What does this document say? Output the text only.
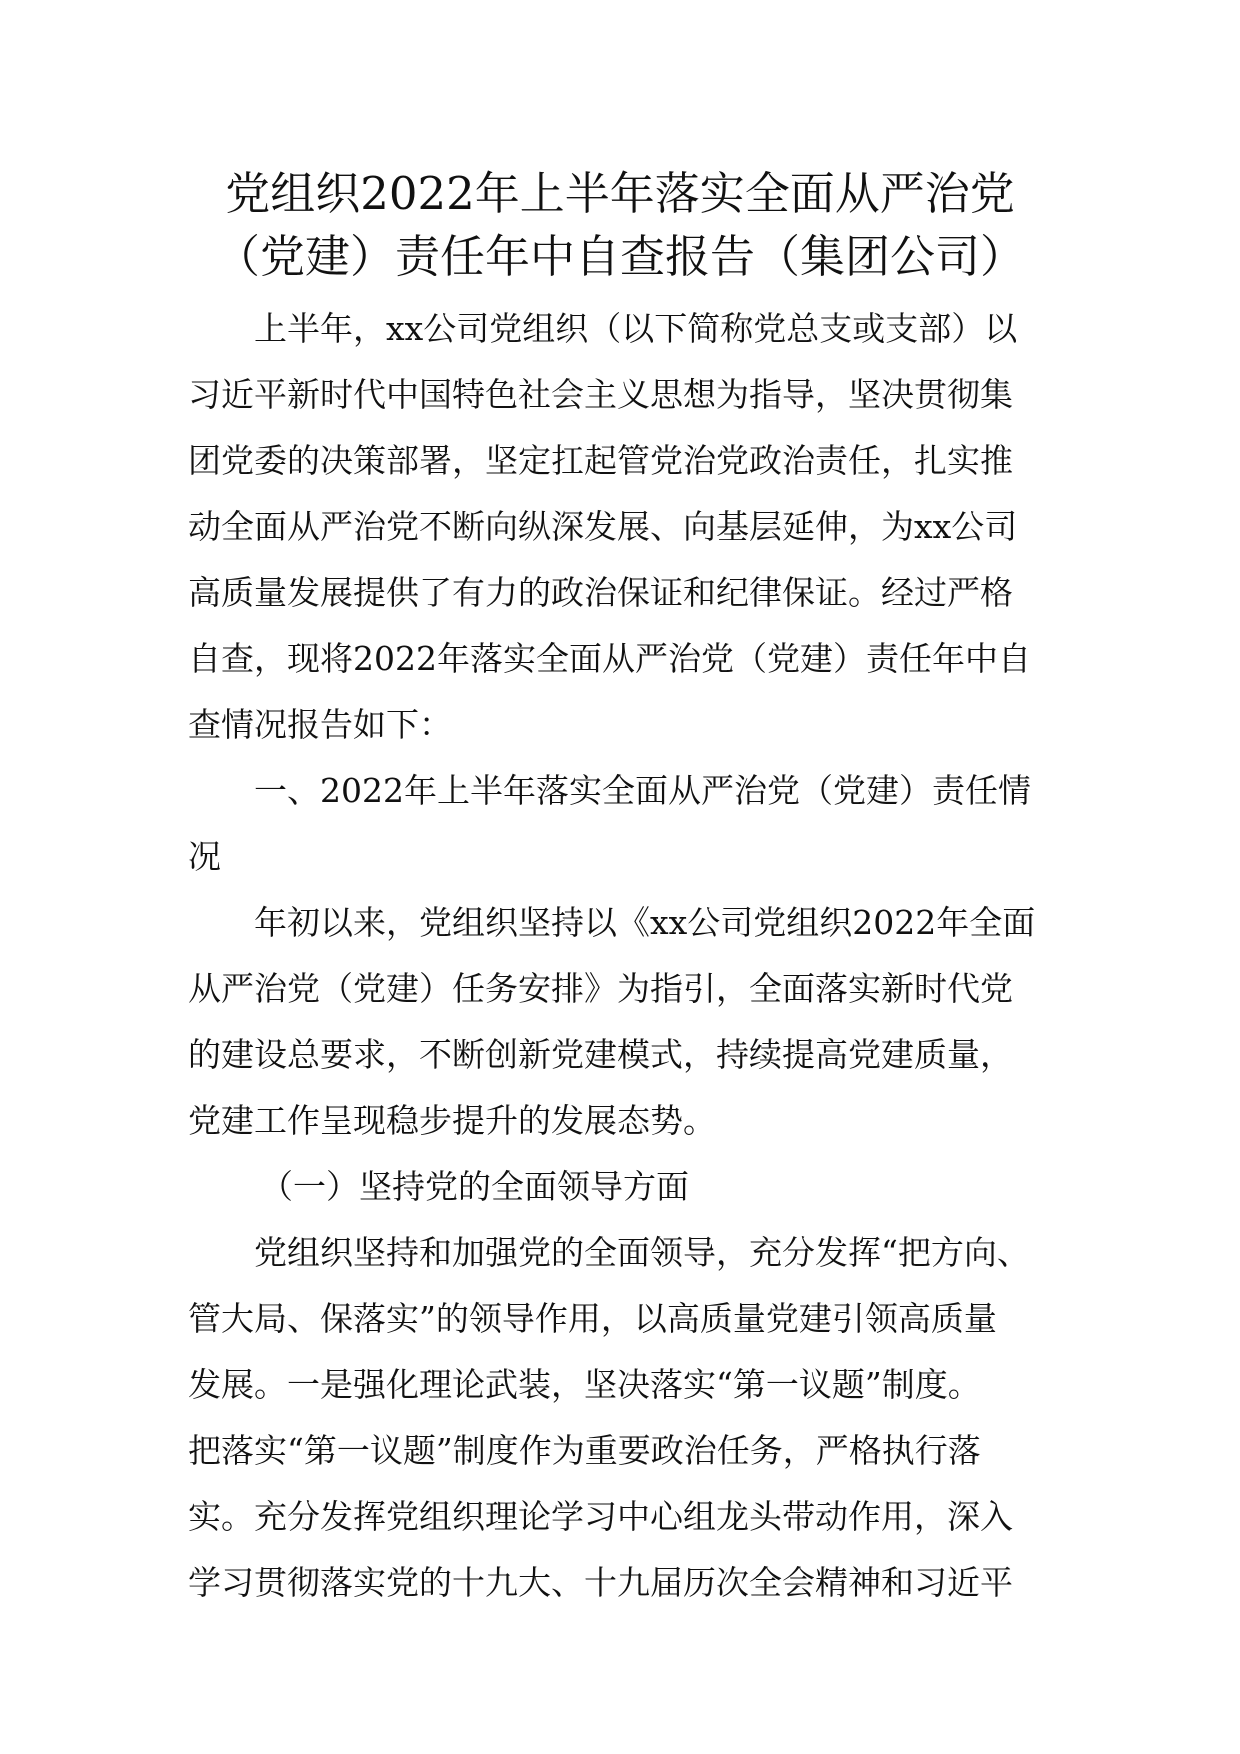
党组织2022年上半年落实全面从严治党
（党建）责任年中自查报告（集团公司）
上半年，xx公司党组织（以下简称党总支或支部）以
习近平新时代中国特色社会主义思想为指导，坚决贯彻集
团党委的决策部署，坚定扛起管党治党政治责任，扎实推
动全面从严治党不断向纵深发展、向基层延伸，为xx公司
高质量发展提供了有力的政治保证和纪律保证。经过严格
自查，现将2022年落实全面从严治党（党建）责任年中自
查情况报告如下：
一、2022年上半年落实全面从严治党（党建）责任情
况
年初以来，党组织坚持以《xx公司党组织2022年全面
从严治党（党建）任务安排》为指引，全面落实新时代党
的建设总要求，不断创新党建模式，持续提高党建质量，
党建工作呈现稳步提升的发展态势。
（一）坚持党的全面领导方面
党组织坚持和加强党的全面领导，充分发挥“把方向、
管大局、保落实”的领导作用，以高质量党建引领高质量
发展。一是强化理论武装，坚决落实“第一议题”制度。
把落实“第一议题”制度作为重要政治任务，严格执行落
实。充分发挥党组织理论学习中心组龙头带动作用，深入
学习贯彻落实党的十九大、十九届历次全会精神和习近平
